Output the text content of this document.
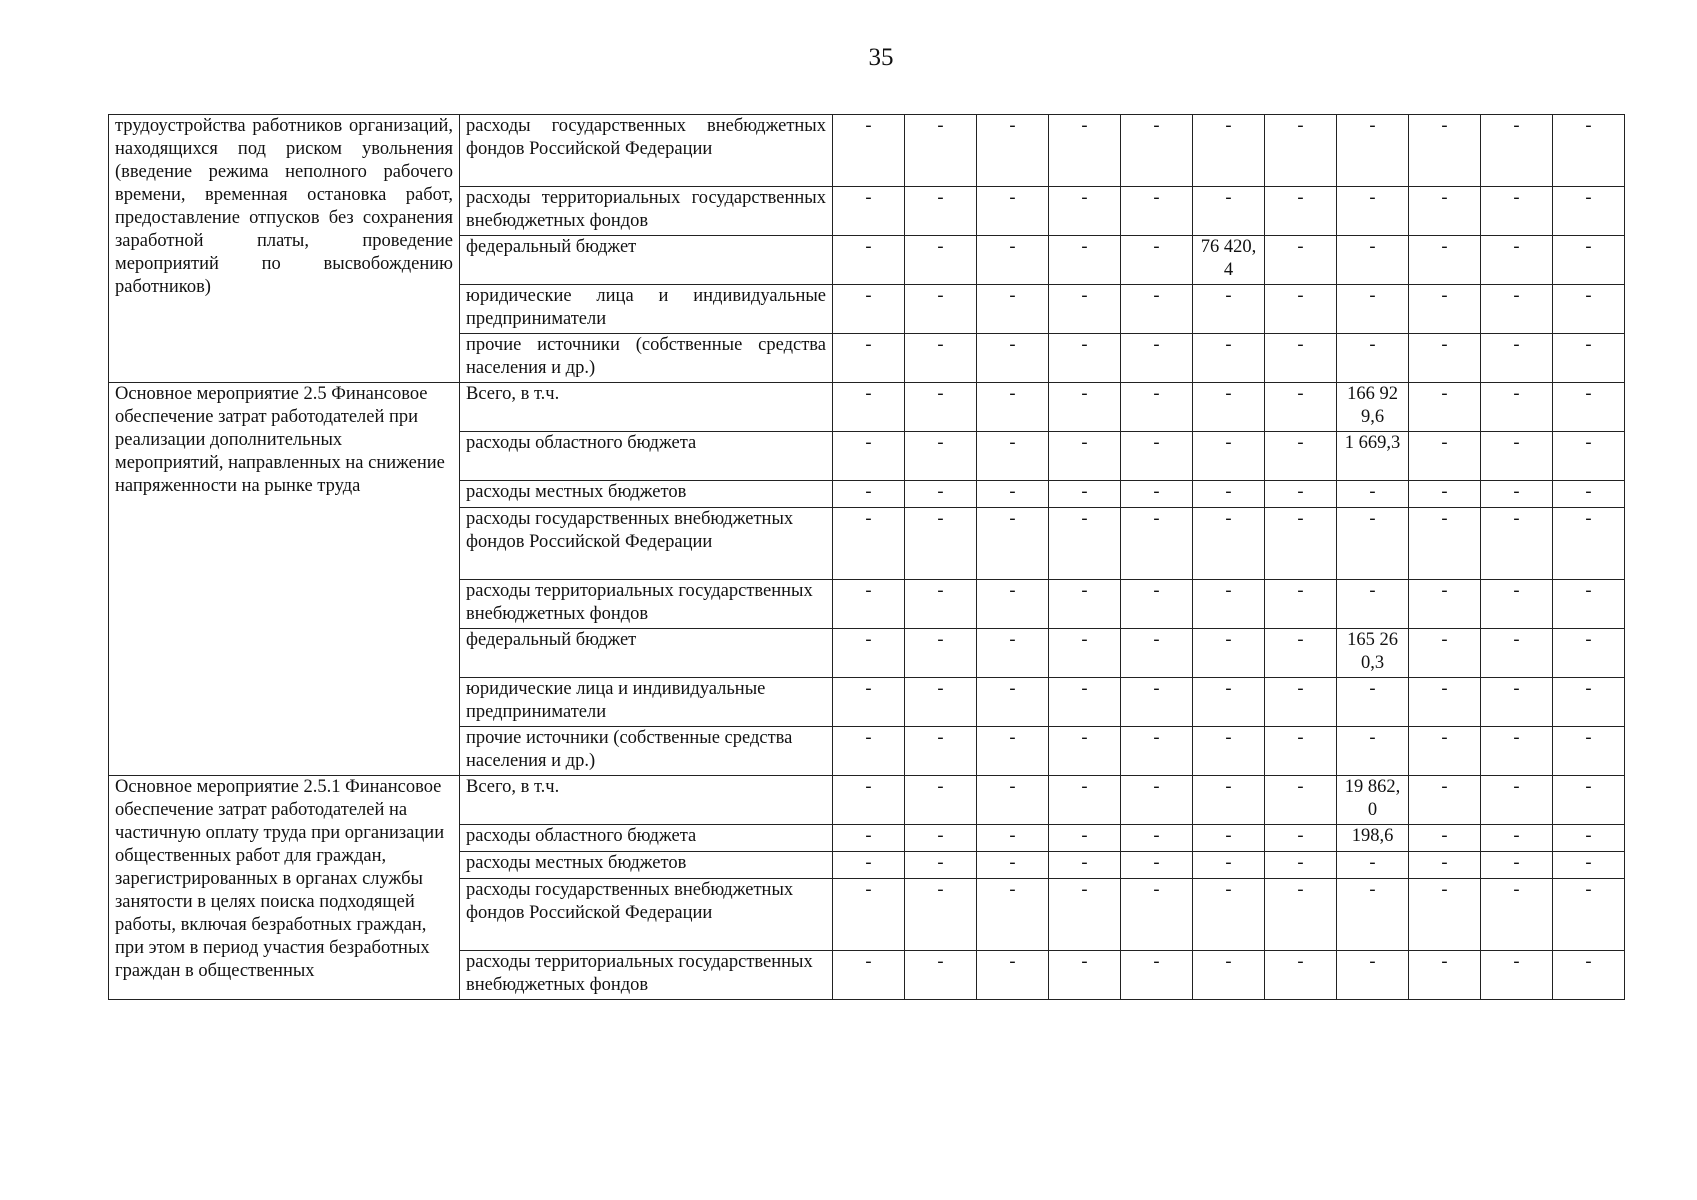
35
трудоустройства работников организаций, находящихся под риском увольнения (введение режима неполного рабочего времени, временная остановка работ, предоставление отпусков без сохранения заработной платы, проведение мероприятий по высвобождению работников)	расходы государственных внебюджетных фондов Российской Федерации	-	-	-	-	-	-	-	-	-	-	-
	расходы территориальных государственных внебюджетных фондов	-	-	-	-	-	-	-	-	-	-	-
	федеральный бюджет	-	-	-	-	-	76 420,4	-	-	-	-	-
	юридические лица и индивидуальные предприниматели	-	-	-	-	-	-	-	-	-	-	-
	прочие источники (собственные средства населения и др.)	-	-	-	-	-	-	-	-	-	-	-
Основное мероприятие 2.5 Финансовое обеспечение затрат работодателей при реализации дополнительных мероприятий, направленных на снижение напряженности на рынке труда	Всего, в т.ч.	-	-	-	-	-	-	-	166 929,6	-	-	-
	расходы областного бюджета	-	-	-	-	-	-	-	1 669,3	-	-	-
	расходы местных бюджетов	-	-	-	-	-	-	-	-	-	-	-
	расходы государственных внебюджетных фондов Российской Федерации	-	-	-	-	-	-	-	-	-	-	-
	расходы территориальных государственных внебюджетных фондов	-	-	-	-	-	-	-	-	-	-	-
	федеральный бюджет	-	-	-	-	-	-	-	165 260,3	-	-	-
	юридические лица и индивидуальные предприниматели	-	-	-	-	-	-	-	-	-	-	-
	прочие источники (собственные средства населения и др.)	-	-	-	-	-	-	-	-	-	-	-
Основное мероприятие 2.5.1 Финансовое обеспечение затрат работодателей на частичную оплату труда при организации общественных работ для граждан, зарегистрированных в органах службы занятости в целях поиска подходящей работы, включая безработных граждан, при этом в период участия безработных граждан в общественных	Всего, в т.ч.	-	-	-	-	-	-	-	19 862,0	-	-	-
	расходы областного бюджета	-	-	-	-	-	-	-	198,6	-	-	-
	расходы местных бюджетов	-	-	-	-	-	-	-	-	-	-	-
	расходы государственных внебюджетных фондов Российской Федерации	-	-	-	-	-	-	-	-	-	-	-
	расходы территориальных государственных внебюджетных фондов	-	-	-	-	-	-	-	-	-	-	-
